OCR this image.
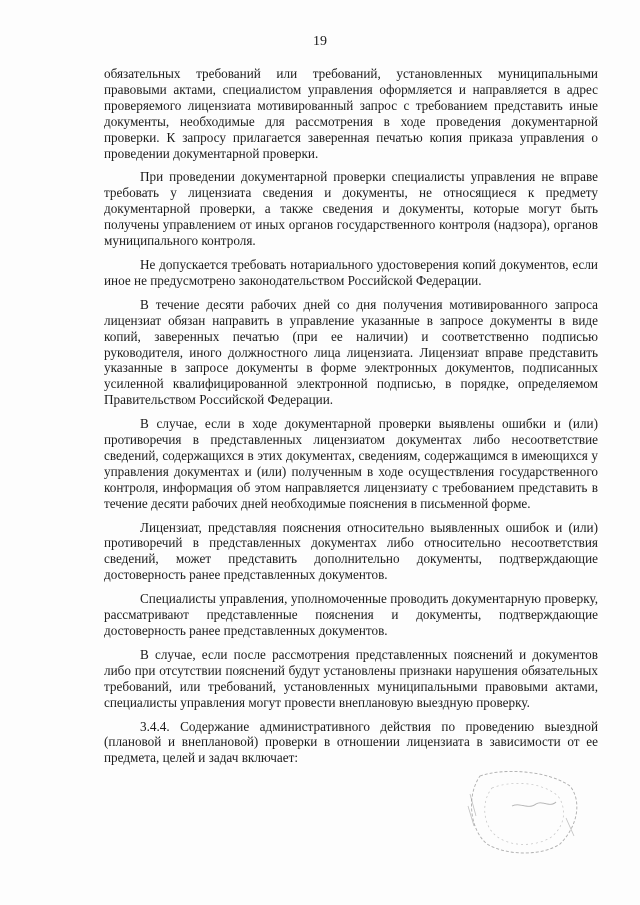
19

обязательных требований или требований, установленных муниципальными правовыми актами, специалистом управления оформляется и направляется в адрес проверяемого лицензиата мотивированный запрос с требованием представить иные документы, необходимые для рассмотрения в ходе проведения документарной проверки. К запросу прилагается заверенная печатью копия приказа управления о проведении документарной проверки.

При проведении документарной проверки специалисты управления не вправе требовать у лицензиата сведения и документы, не относящиеся к предмету документарной проверки, а также сведения и документы, которые могут быть получены управлением от иных органов государственного контроля (надзора), органов муниципального контроля.

Не допускается требовать нотариального удостоверения копий документов, если иное не предусмотрено законодательством Российской Федерации.

В течение десяти рабочих дней со дня получения мотивированного запроса лицензиат обязан направить в управление указанные в запросе документы в виде копий, заверенных печатью (при ее наличии) и соответственно подписью руководителя, иного должностного лица лицензиата. Лицензиат вправе представить указанные в запросе документы в форме электронных документов, подписанных усиленной квалифицированной электронной подписью, в порядке, определяемом Правительством Российской Федерации.

В случае, если в ходе документарной проверки выявлены ошибки и (или) противоречия в представленных лицензиатом документах либо несоответствие сведений, содержащихся в этих документах, сведениям, содержащимся в имеющихся у управления документах и (или) полученным в ходе осуществления государственного контроля, информация об этом направляется лицензиату с требованием представить в течение десяти рабочих дней необходимые пояснения в письменной форме.

Лицензиат, представляя пояснения относительно выявленных ошибок и (или) противоречий в представленных документах либо относительно несоответствия сведений, может представить дополнительно документы, подтверждающие достоверность ранее представленных документов.

Специалисты управления, уполномоченные проводить документарную проверку, рассматривают представленные пояснения и документы, подтверждающие достоверность ранее представленных документов.

В случае, если после рассмотрения представленных пояснений и документов либо при отсутствии пояснений будут установлены признаки нарушения обязательных требований, или требований, установленных муниципальными правовыми актами, специалисты управления могут провести внеплановую выездную проверку.

3.4.4. Содержание административного действия по проведению выездной (плановой и внеплановой) проверки в отношении лицензиата в зависимости от ее предмета, целей и задач включает:
